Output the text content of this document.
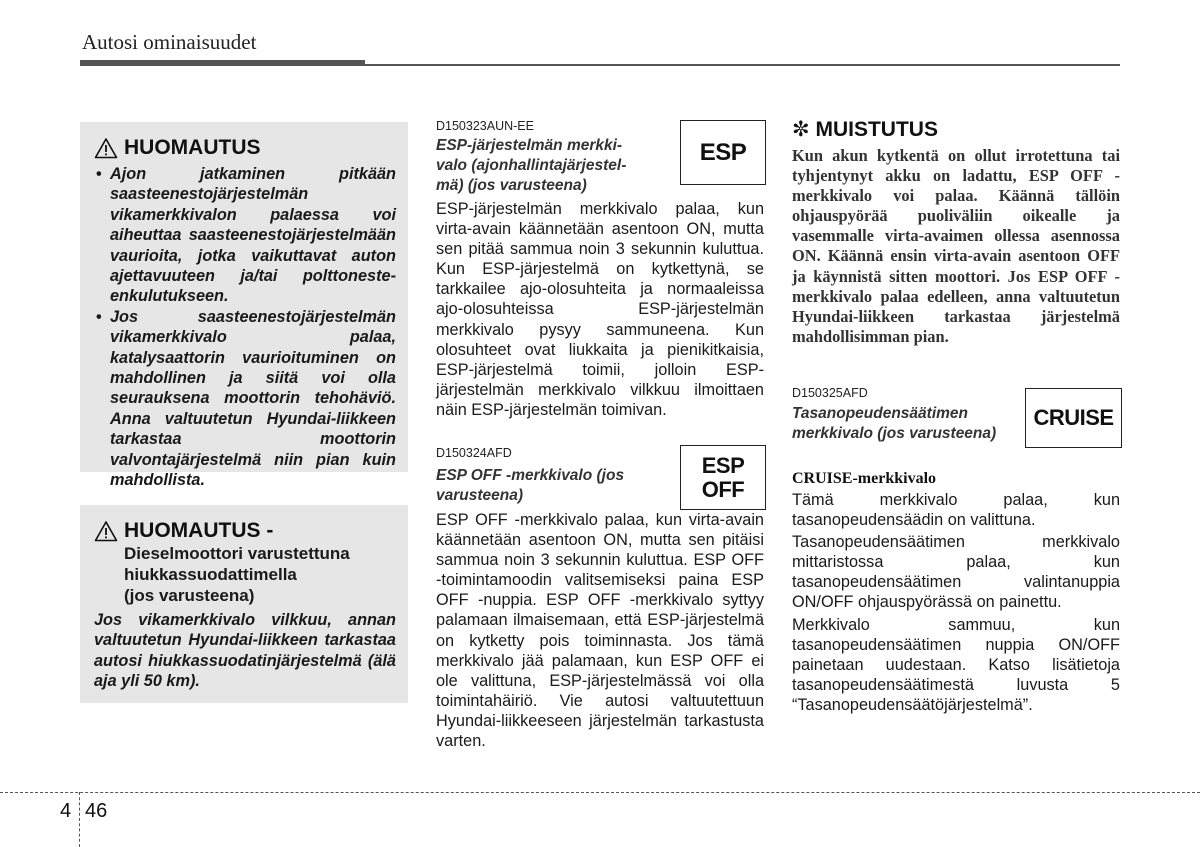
Autosi ominaisuudet
HUOMAUTUS
• Ajon jatkaminen pitkään saasteenestojärjestelmän vikamerkkivalon palaessa voi aiheuttaa saasteenestojärjestelmään vaurioita, jotka vaikuttavat auton ajettavuuteen ja/tai polttonesteenkulutukseen.
• Jos saasteenestojärjestelmän vikamerkkivalo palaa, katalysaattorin vaurioituminen on mahdollinen ja siitä voi olla seurauksena moottorin tehohäviö. Anna valtuutetun Hyundai-liikkeen tarkastaa moottorin valvontajärjestelmä niin pian kuin mahdollista.
HUOMAUTUS -
Dieselmoottori varustettuna
hiukkassuodattimella
(jos varusteena)
Jos vikamerkkivalo vilkkuu, annan valtuutetun Hyundai-liikkeen tarkastaa autosi hiukkassuodatinjärjestelmä (älä aja yli 50 km).
D150323AUN-EE
ESP-järjestelmän merkki-
valo (ajonhallintajärjestel-
mä) (jos varusteena)

ESP-järjestelmän merkkivalo palaa, kun virta-avain käännetään asentoon ON, mutta sen pitää sammua noin 3 sekunnin kuluttua. Kun ESP-järjestelmä on kytkettynä, se tarkkailee ajo-olosuhteita ja normaaleissa ajo-olosuhteissa ESP-järjestelmän merkkivalo pysyy sammuneena. Kun olosuhteet ovat liukkaita ja pienikitkaisia, ESP-järjestelmä toimii, jolloin ESP-järjestelmän merkkivalo vilkkuu ilmoittaen näin ESP-järjestelmän toimivan.

ESP
D150324AFD
ESP OFF -merkkivalo (jos
varusteena)

ESP OFF -merkkivalo palaa, kun virta-avain käännetään asentoon ON, mutta sen pitäisi sammua noin 3 sekunnin kuluttua. ESP OFF -toimintamoodin valitsemiseksi paina ESP OFF -nuppia. ESP OFF -merkkivalo syttyy palamaan ilmaisemaan, että ESP-järjestelmä on kytketty pois toiminnasta. Jos tämä merkkivalo jää palamaan, kun ESP OFF ei ole valittuna, ESP-järjestelmässä voi olla toimintahäiriö. Vie autosi valtuutettuun Hyundai-liikkeeseen järjestelmän tarkastusta varten.

ESP
OFF
✼ MUISTUTUS
Kun akun kytkentä on ollut irrotettuna tai tyhjentynyt akku on ladattu, ESP OFF -merkkivalo voi palaa. Käännä tällöin ohjauspyörää puoliväliin oikealle ja vasemmalle virta-avaimen ollessa asennossa ON. Käännä ensin virta-avain asentoon OFF ja käynnistä sitten moottori. Jos ESP OFF -merkkivalo palaa edelleen, anna valtuutetun Hyundai-liikkeen tarkastaa järjestelmä mahdollisimman pian.
D150325AFD
Tasanopeudensäätimen
merkkivalo (jos varusteena)
CRUISE-merkkivalo

Tämä merkkivalo palaa, kun tasanopeudensäädin on valittuna.

Tasanopeudensäätimen merkkivalo mittaristossa palaa, kun tasanopeudensäätimen valintanuppia ON/OFF ohjauspyörässä on painettu.

Merkkivalo sammuu, kun tasanopeudensäätimen nuppia ON/OFF painetaan uudestaan. Katso lisätietoja tasanopeudensäätimestä luvusta 5 “Tasanopeudensäätöjärjestelmä”.

CRUISE
4 46
